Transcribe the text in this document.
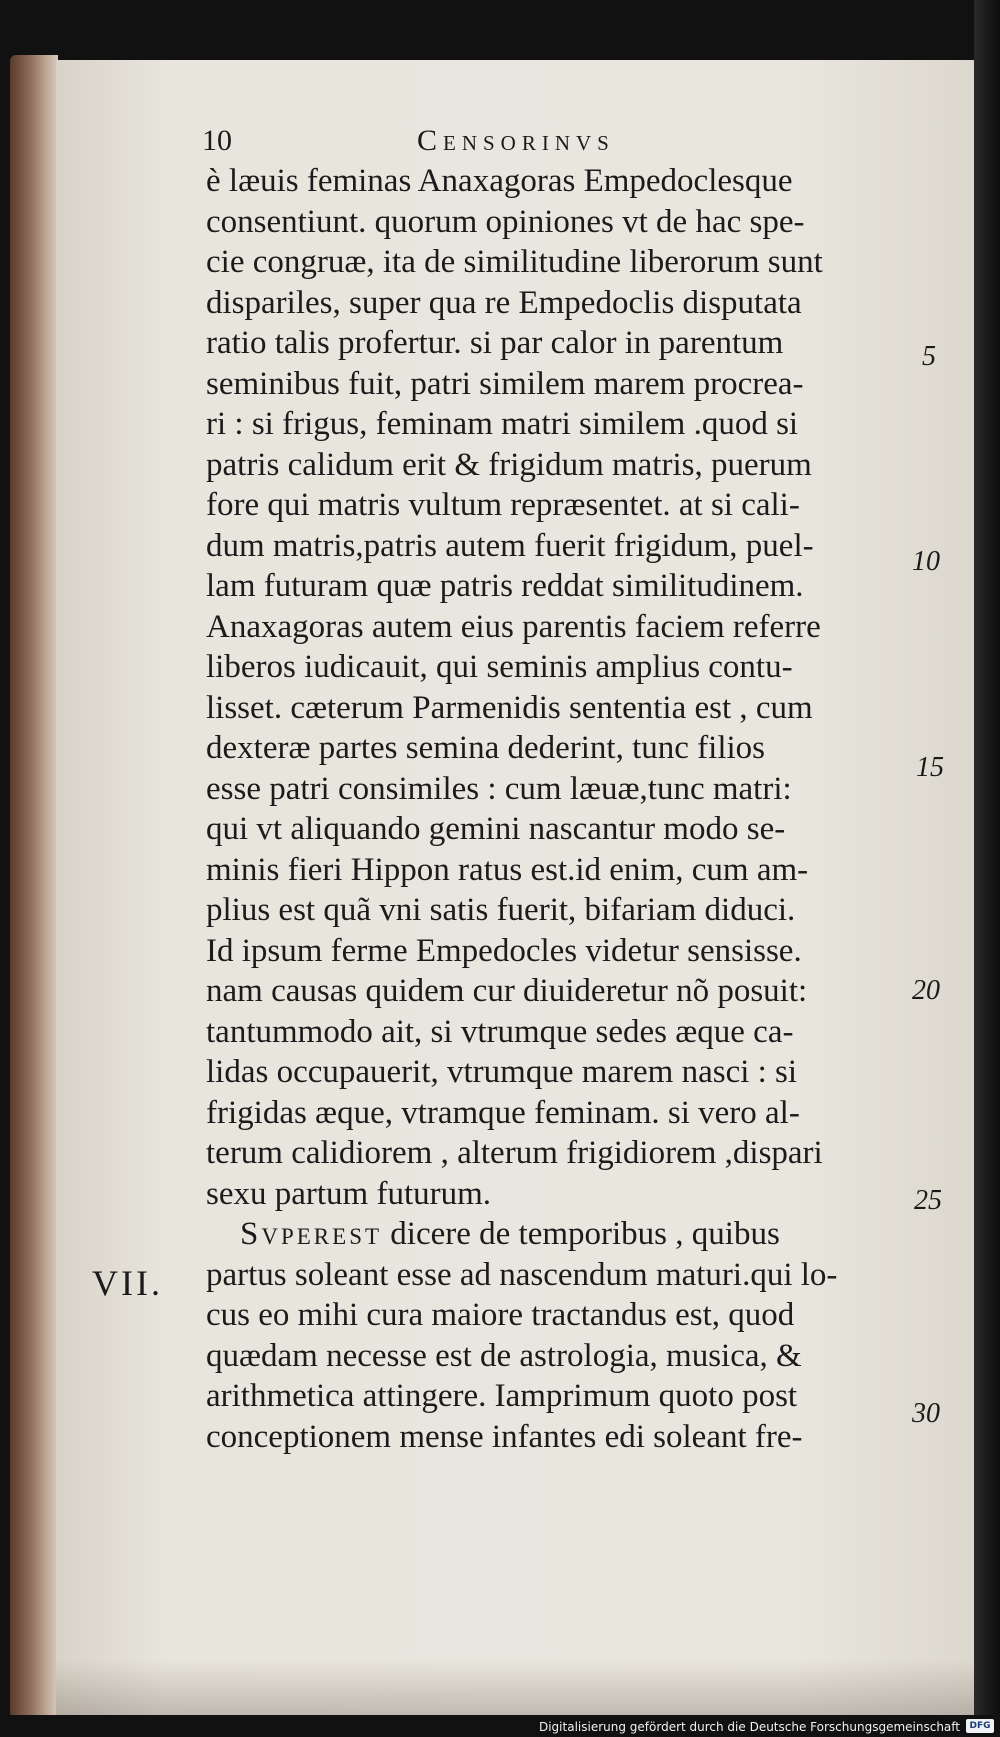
10	Censorinvs
è læuis feminas Anaxagoras Empedoclesque
consentiunt. quorum opiniones vt de hac spe-
cie congruæ, ita de similitudine liberorum sunt
dispariles, super qua re Empedoclis disputata
ratio talis profertur. si par calor in parentum
seminibus fuit, patri similem marem procrea-
ri : si frigus, feminam matri similem .quod si
patris calidum erit & frigidum matris, puerum
fore qui matris vultum repræsentet. at si cali-
dum matris,patris autem fuerit frigidum, puel-
lam futuram quæ patris reddat similitudinem.
Anaxagoras autem eius parentis faciem referre
liberos iudicauit, qui seminis amplius contu-
lisset. cæterum Parmenidis sententia est , cum
dexteræ partes semina dederint, tunc filios
esse patri consimiles : cum læuæ,tunc matri:
qui vt aliquando gemini nascantur modo se-
minis fieri Hippon ratus est.id enim, cum am-
plius est quã vni satis fuerit, bifariam diduci.
Id ipsum ferme Empedocles videtur sensisse.
nam causas quidem cur diuideretur nõ posuit:
tantummodo ait, si vtrumque sedes æque ca-
lidas occupauerit, vtrumque marem nasci : si
frigidas æque, vtramque feminam. si vero al-
terum calidiorem , alterum frigidiorem ,dispari
sexu partum futurum.
Svperest dicere de temporibus , quibus
partus soleant esse ad nascendum maturi.qui lo-
cus eo mihi cura maiore tractandus est, quod
quædam necesse est de astrologia, musica, &
arithmetica attingere. Iamprimum quoto post
conceptionem mense infantes edi soleant fre-
VII.
5
10
15
20
25
30
Digitalisierung gefördert durch die Deutsche Forschungsgemeinschaft	DFG
